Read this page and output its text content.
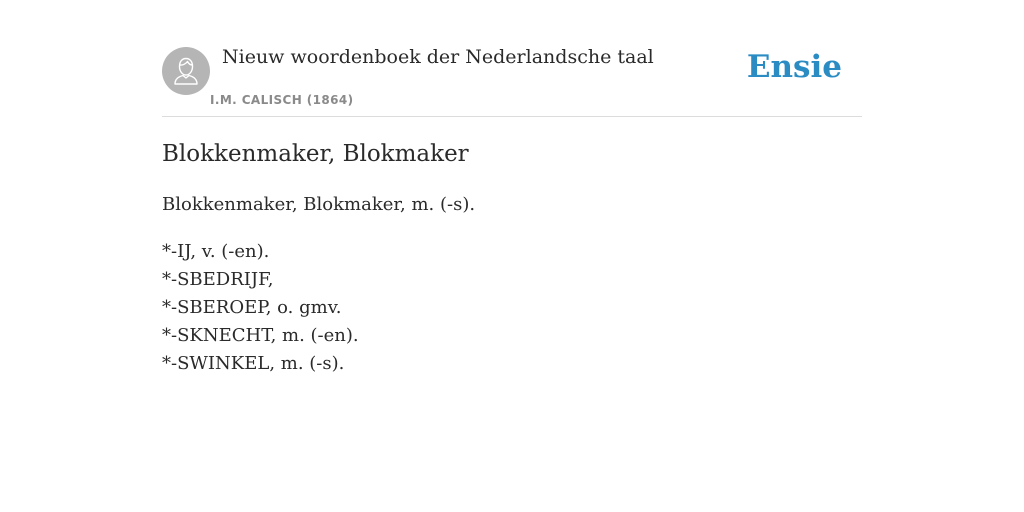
Nieuw woordenboek der Nederlandsche taal
I.M. CALISCH (1864)
Ensie
Blokkenmaker, Blokmaker

Blokkenmaker, Blokmaker, m. (-s).

*-IJ, v. (-en).
*-SBEDRIJF,
*-SBEROEP, o. gmv.
*-SKNECHT, m. (-en).
*-SWINKEL, m. (-s).
